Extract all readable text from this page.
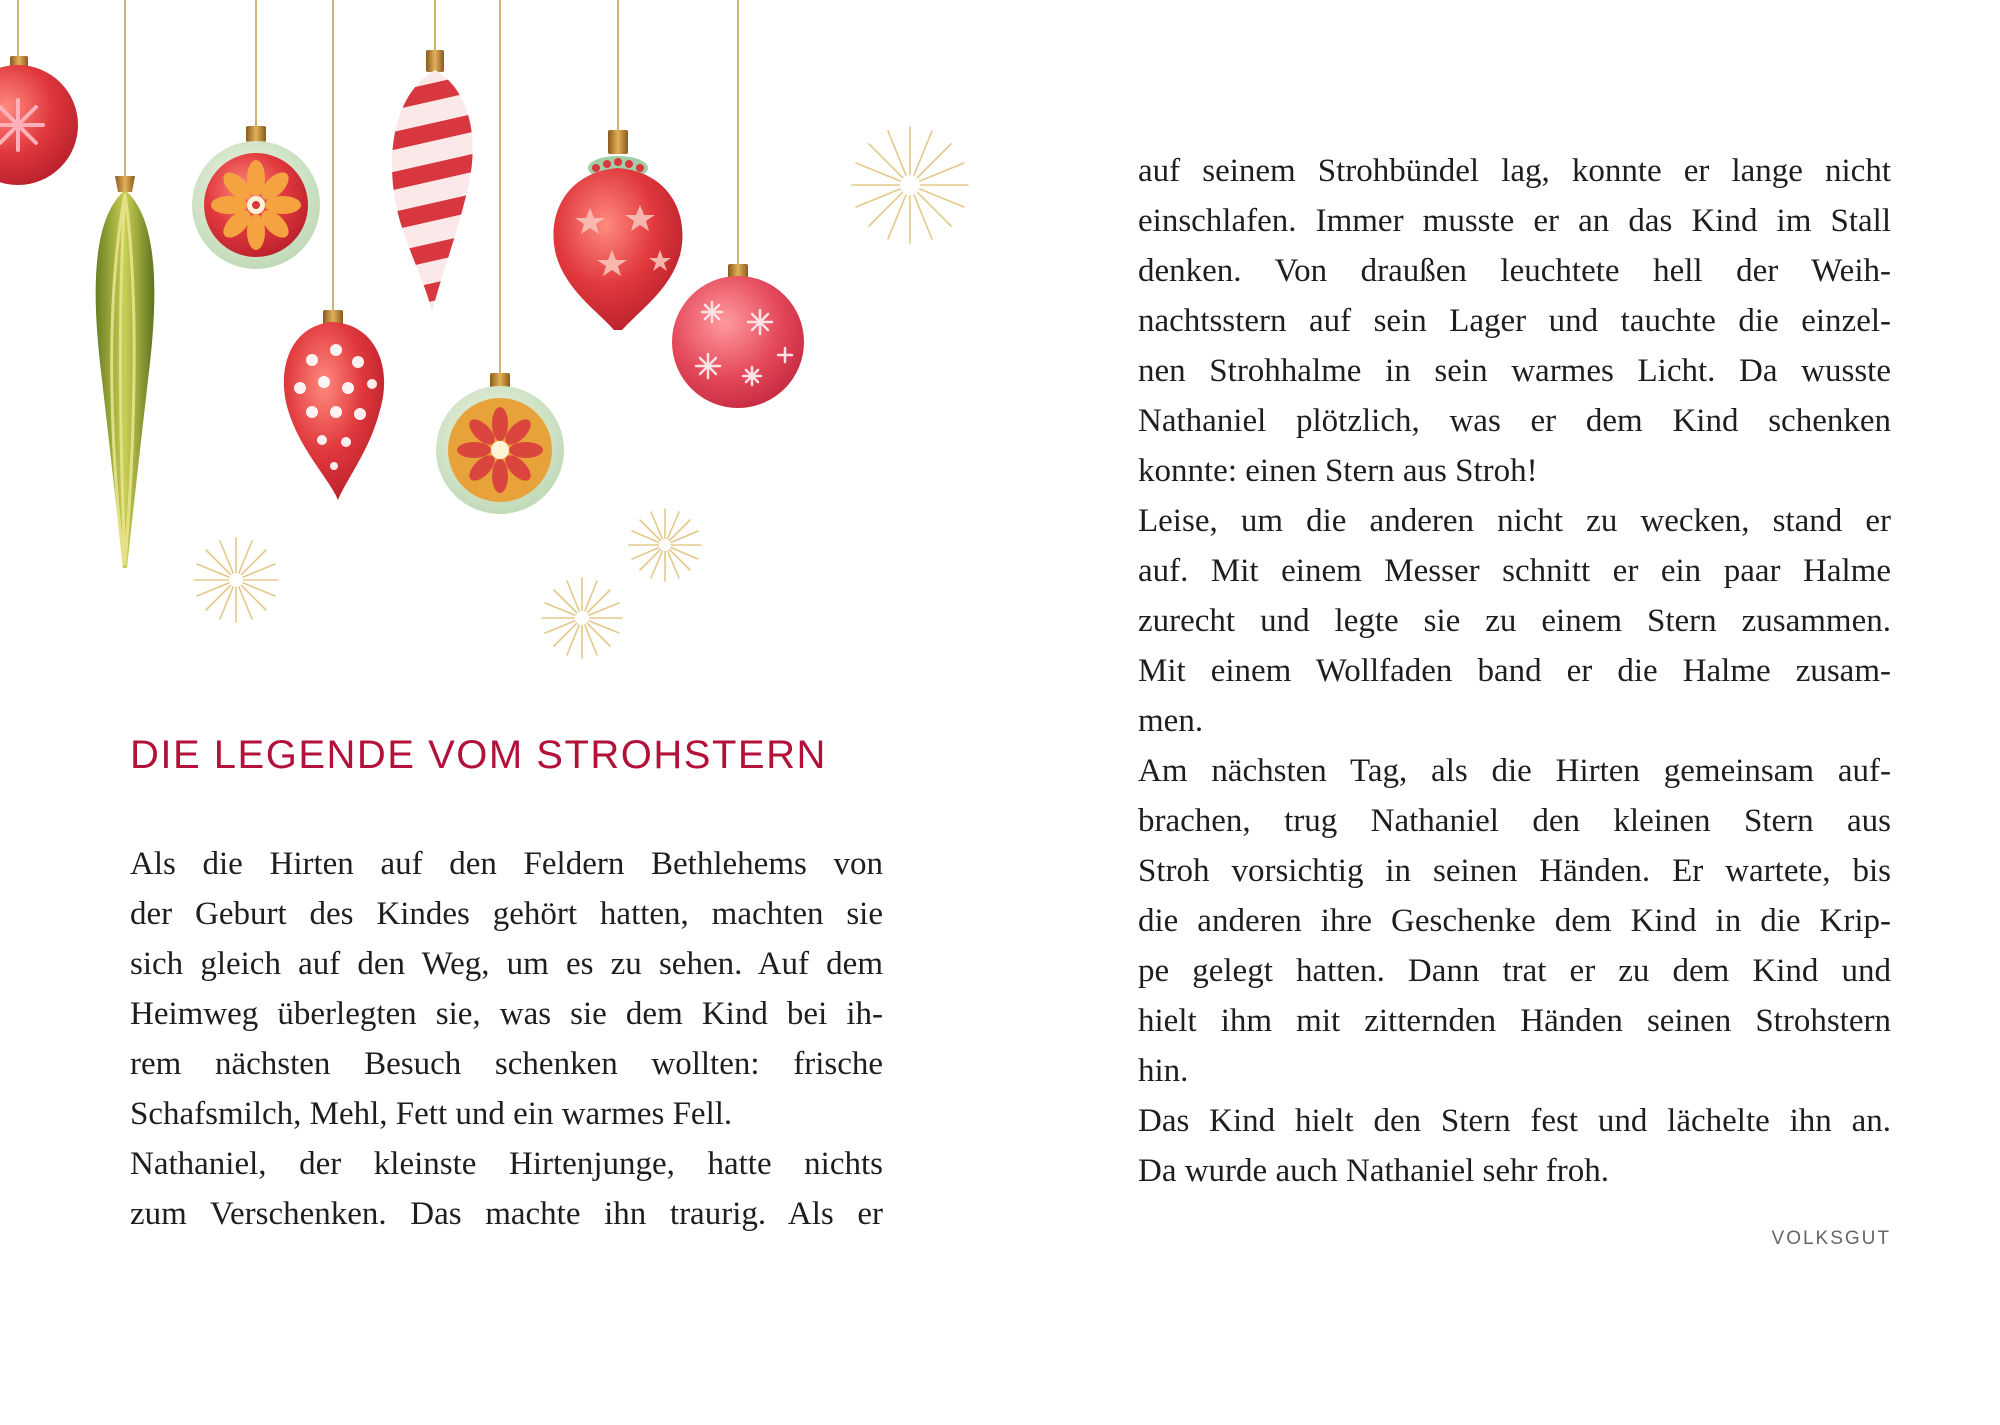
DIE LEGENDE VOM STROHSTERN
Als die Hirten auf den Feldern Bethlehems von
der Geburt des Kindes gehört hatten, machten sie
sich gleich auf den Weg, um es zu sehen. Auf dem
Heimweg überlegten sie, was sie dem Kind bei ih-
rem nächsten Besuch schenken wollten: frische
Schafsmilch, Mehl, Fett und ein warmes Fell.
Nathaniel, der kleinste Hirtenjunge, hatte nichts
zum Verschenken. Das machte ihn traurig. Als er
auf seinem Strohbündel lag, konnte er lange nicht
einschlafen. Immer musste er an das Kind im Stall
denken. Von draußen leuchtete hell der Weih-
nachtsstern auf sein Lager und tauchte die einzel-
nen Strohhalme in sein warmes Licht. Da wusste
Nathaniel plötzlich, was er dem Kind schenken
konnte: einen Stern aus Stroh!
Leise, um die anderen nicht zu wecken, stand er
auf. Mit einem Messer schnitt er ein paar Halme
zurecht und legte sie zu einem Stern zusammen.
Mit einem Wollfaden band er die Halme zusam-
men.
Am nächsten Tag, als die Hirten gemeinsam auf-
brachen, trug Nathaniel den kleinen Stern aus
Stroh vorsichtig in seinen Händen. Er wartete, bis
die anderen ihre Geschenke dem Kind in die Krip-
pe gelegt hatten. Dann trat er zu dem Kind und
hielt ihm mit zitternden Händen seinen Strohstern
hin.
Das Kind hielt den Stern fest und lächelte ihn an.
Da wurde auch Nathaniel sehr froh.
VOLKSGUT
